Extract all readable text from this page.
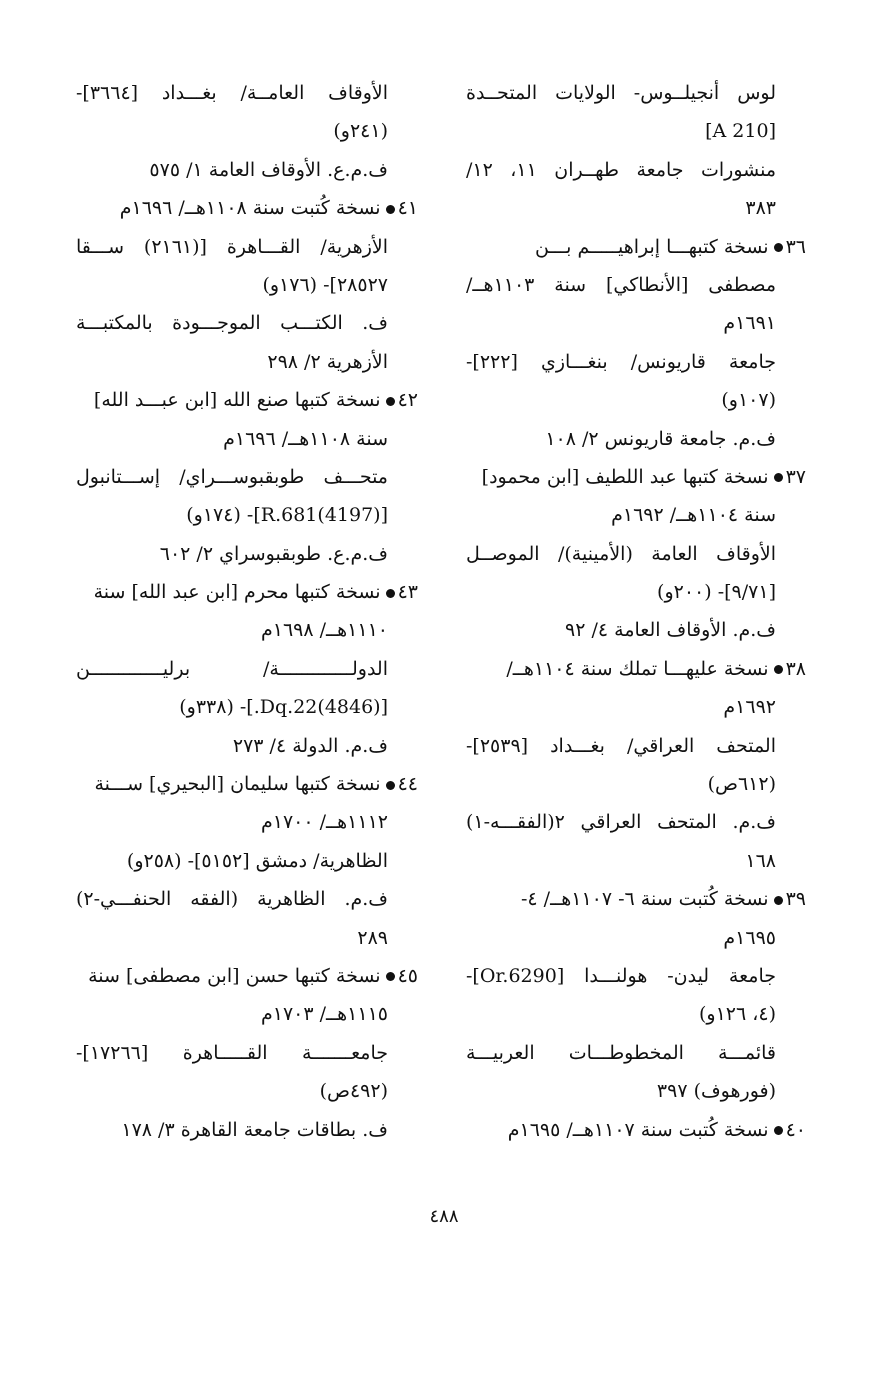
لوس أنجيلــوس- الولايات المتحــدة
[A 210]
منشورات جامعة طهــران ١١، ١٢/
٣٨٣
٣٦نسخة كتبهـــا إبراهيـــــم بـــن
مصطفى [الأنطاكي] سنة ١١٠٣هــ/
١٦٩١م
جامعة قاريونس/ بنغـــازي [٢٢٢]-
(١٠٧و)
ف.م. جامعة قاريونس ٢/ ١٠٨
٣٧نسخة كتبها عبد اللطيف [ابن محمود]
سنة ١١٠٤هــ/ ١٦٩٢م
الأوقاف العامة (الأمينية)/ الموصــل
[٩/٧١]- (٢٠٠و)
ف.م. الأوقاف العامة ٤/ ٩٢
٣٨نسخة عليهـــا تملك سنة ١١٠٤هــ/
١٦٩٢م
المتحف العراقي/ بغـــداد [٢٥٣٩]-
(٦١٢ص)
ف.م. المتحف العراقي ٢(الفقـــه-١)
١٦٨
٣٩نسخة كُتبت سنة ٦- ١١٠٧هــ/ ٤-
١٦٩٥م
جامعة ليدن- هولنـــدا [Or.6290]-
(٤، ١٢٦و)
قائمـــة المخطوطـــات العربيـــة
(فورهوف) ٣٩٧
٤٠نسخة كُتبت سنة ١١٠٧هــ/ ١٦٩٥م
الأوقاف العامــة/ بغـــداد [٣٦٦٤]-
(٢٤١و)
ف.م.ع. الأوقاف العامة ١/ ٥٧٥
٤١نسخة كُتبت سنة ١١٠٨هــ/ ١٦٩٦م
الأزهرية/ القـــاهرة [(٢١٦١) ســـقا
٢٨٥٢٧]- (١٧٦و)
ف. الكتـــب الموجـــودة بالمكتبـــة
الأزهرية ٢/ ٢٩٨
٤٢نسخة كتبها صنع الله [ابن عبـــد الله]
سنة ١١٠٨هــ/ ١٦٩٦م
متحـــف طوبقبوســـراي/ إســـتانبول
[(4197)R.681]- (١٧٤و)
ف.م.ع. طوبقبوسراي ٢/ ٦٠٢
٤٣نسخة كتبها محرم [ابن عبد الله] سنة
١١١٠هــ/ ١٦٩٨م
الدولـــــــــــــة/ برليـــــــــــــن
[(4846)Dq.22.]- (٣٣٨و)
ف.م. الدولة ٤/ ٢٧٣
٤٤نسخة كتبها سليمان [البحيري] ســـنة
١١١٢هــ/ ١٧٠٠م
الظاهرية/ دمشق [٥١٥٢]- (٢٥٨و)
ف.م. الظاهرية (الفقه الحنفـــي-٢)
٢٨٩
٤٥نسخة كتبها حسن [ابن مصطفى] سنة
١١١٥هــ/ ١٧٠٣م
جامعـــــــة القـــــاهرة [١٧٢٦٦]-
(٤٩٢ص)
ف. بطاقات جامعة القاهرة ٣/ ١٧٨
٤٨٨
